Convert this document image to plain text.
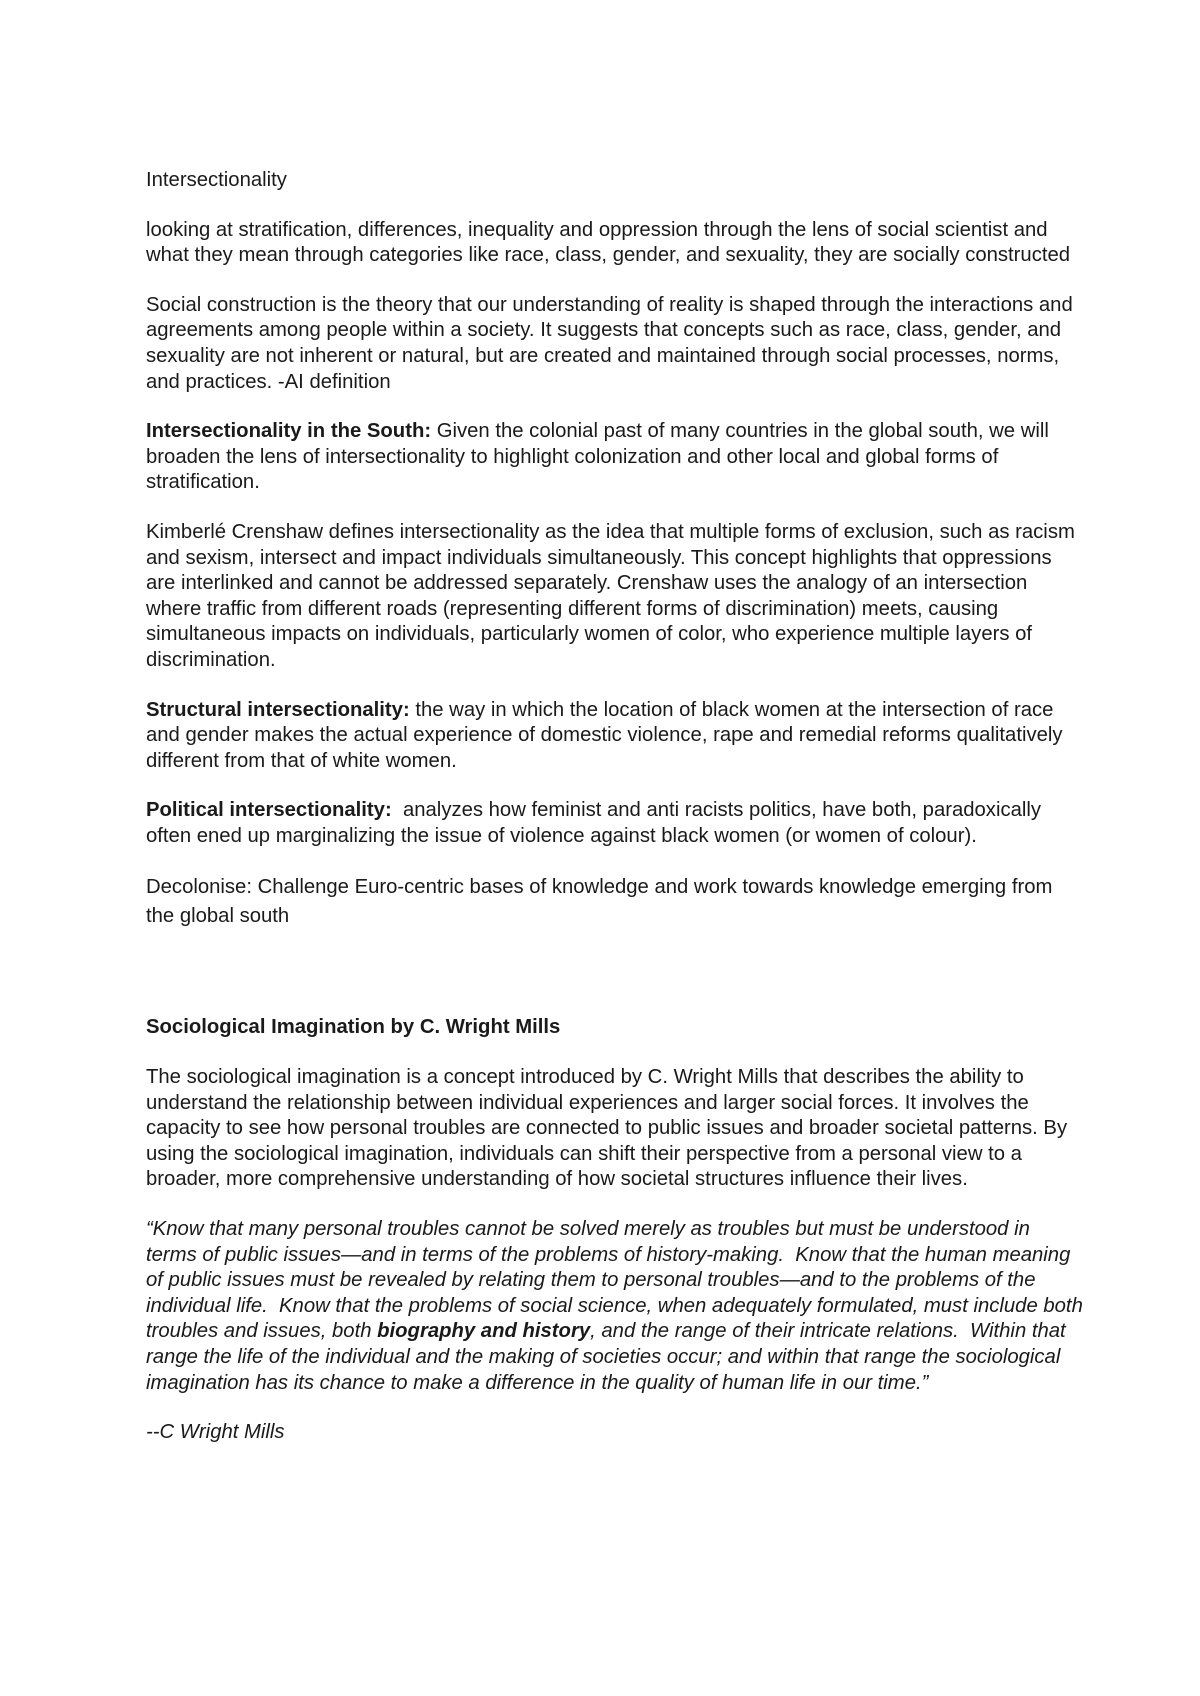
Intersectionality

looking at stratification, differences, inequality and oppression through the lens of social scientist and what they mean through categories like race, class, gender, and sexuality, they are socially constructed

Social construction is the theory that our understanding of reality is shaped through the interactions and agreements among people within a society. It suggests that concepts such as race, class, gender, and sexuality are not inherent or natural, but are created and maintained through social processes, norms, and practices. -AI definition

Intersectionality in the South: Given the colonial past of many countries in the global south, we will broaden the lens of intersectionality to highlight colonization and other local and global forms of stratification.

Kimberlé Crenshaw defines intersectionality as the idea that multiple forms of exclusion, such as racism and sexism, intersect and impact individuals simultaneously. This concept highlights that oppressions are interlinked and cannot be addressed separately. Crenshaw uses the analogy of an intersection where traffic from different roads (representing different forms of discrimination) meets, causing simultaneous impacts on individuals, particularly women of color, who experience multiple layers of discrimination.

Structural intersectionality: the way in which the location of black women at the intersection of race and gender makes the actual experience of domestic violence, rape and remedial reforms qualitatively different from that of white women.

Political intersectionality:  analyzes how feminist and anti racists politics, have both, paradoxically often ened up marginalizing the issue of violence against black women (or women of colour).

Decolonise: Challenge Euro-centric bases of knowledge and work towards knowledge emerging from the global south

Sociological Imagination by C. Wright Mills

The sociological imagination is a concept introduced by C. Wright Mills that describes the ability to understand the relationship between individual experiences and larger social forces. It involves the capacity to see how personal troubles are connected to public issues and broader societal patterns. By using the sociological imagination, individuals can shift their perspective from a personal view to a broader, more comprehensive understanding of how societal structures influence their lives.

“Know that many personal troubles cannot be solved merely as troubles but must be understood in terms of public issues—and in terms of the problems of history-making.  Know that the human meaning of public issues must be revealed by relating them to personal troubles—and to the problems of the individual life.  Know that the problems of social science, when adequately formulated, must include both troubles and issues, both biography and history, and the range of their intricate relations.  Within that range the life of the individual and the making of societies occur; and within that range the sociological imagination has its chance to make a difference in the quality of human life in our time.”

--C Wright Mills
